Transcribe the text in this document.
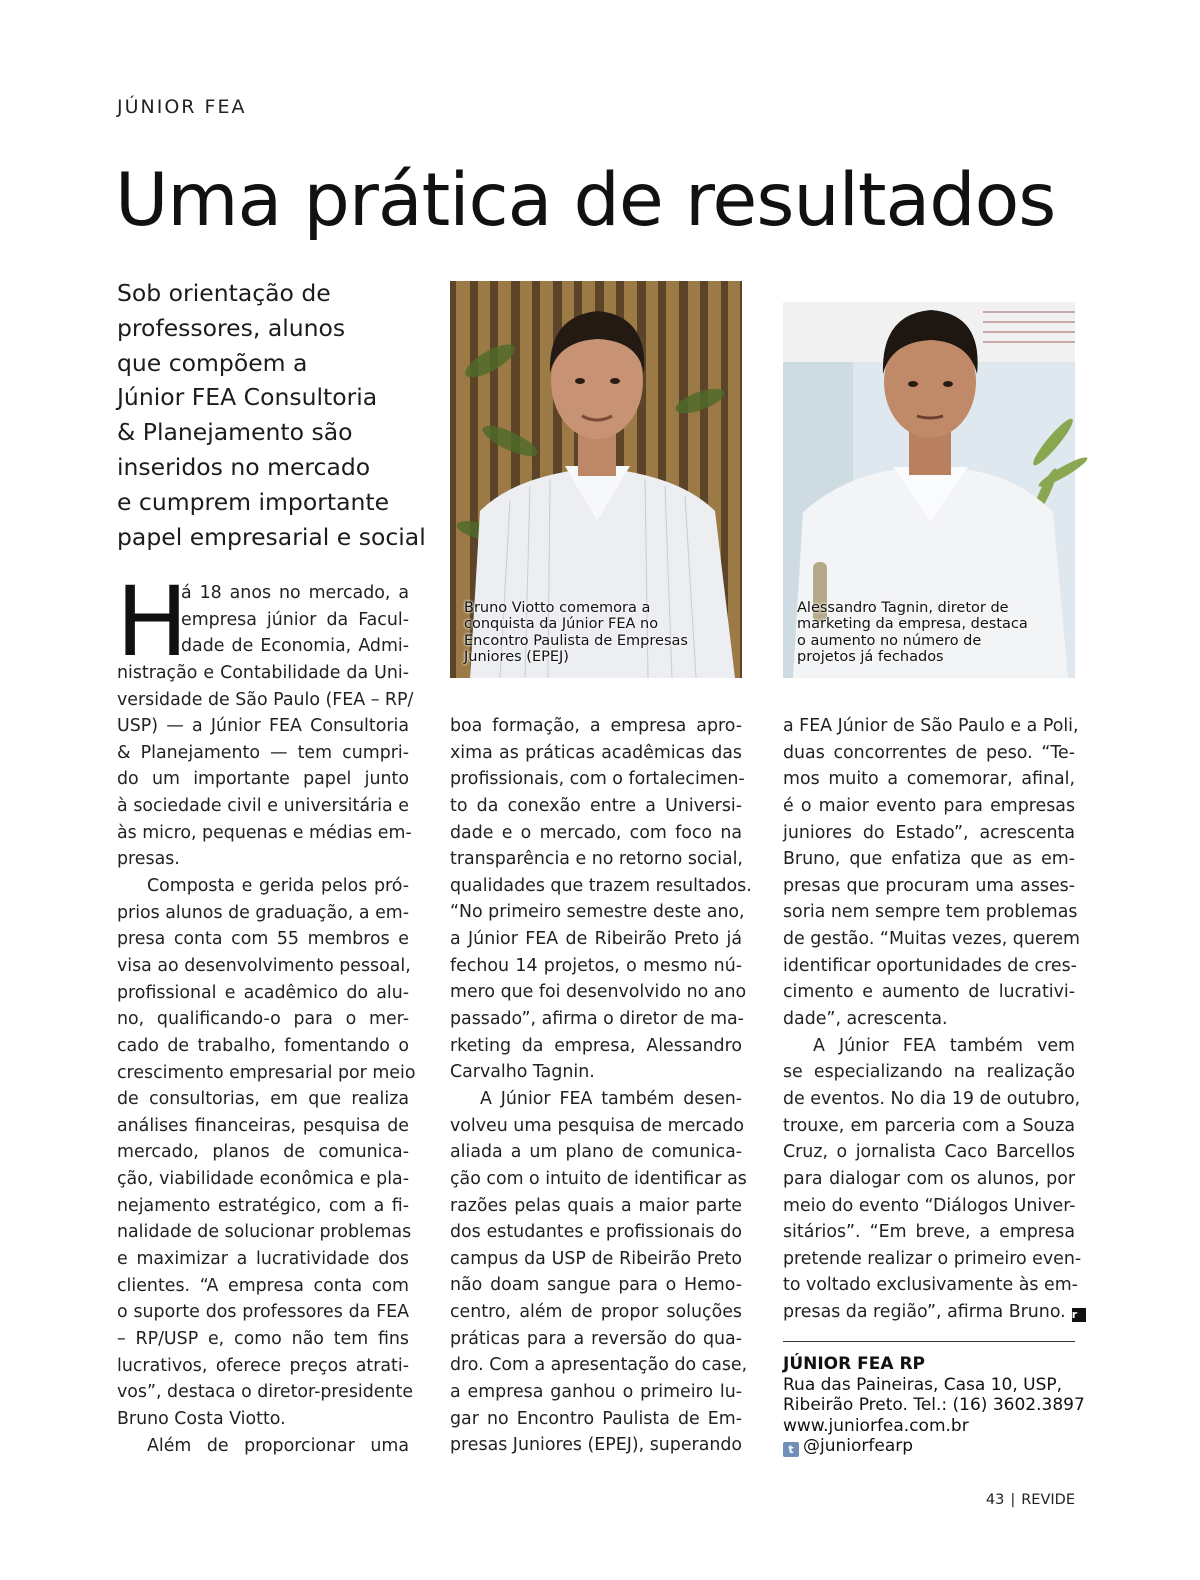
JÚNIOR FEA
Uma prática de resultados
Sob orientação de
professores, alunos
que compõem a
Júnior FEA Consultoria
& Planejamento são
inseridos no mercado
e cumprem importante
papel empresarial e social
H
á 18 anos no mercado, a
empresa júnior da Facul-
dade de Economia, Admi-
nistração e Contabilidade da Uni-
versidade de São Paulo (FEA – RP/
USP) — a Júnior FEA Consultoria
& Planejamento — tem cumpri-
do um importante papel junto
à sociedade civil e universitária e
às micro, pequenas e médias em-
presas.
Composta e gerida pelos pró-
prios alunos de graduação, a em-
presa conta com 55 membros e
visa ao desenvolvimento pessoal,
profissional e acadêmico do alu-
no, qualificando-o para o mer-
cado de trabalho, fomentando o
crescimento empresarial por meio
de consultorias, em que realiza
análises financeiras, pesquisa de
mercado, planos de comunica-
ção, viabilidade econômica e pla-
nejamento estratégico, com a fi-
nalidade de solucionar problemas
e maximizar a lucratividade dos
clientes. “A empresa conta com
o suporte dos professores da FEA
– RP/USP e, como não tem fins
lucrativos, oferece preços atrati-
vos”, destaca o diretor-presidente
Bruno Costa Viotto.
Além de proporcionar uma
Bruno Viotto comemora a
conquista da Júnior FEA no
Encontro Paulista de Empresas
Juniores (EPEJ)
Alessandro Tagnin, diretor de
marketing da empresa, destaca
o aumento no número de
projetos já fechados
boa formação, a empresa apro-
xima as práticas acadêmicas das
profissionais, com o fortalecimen-
to da conexão entre a Universi-
dade e o mercado, com foco na
transparência e no retorno social,
qualidades que trazem resultados.
“No primeiro semestre deste ano,
a Júnior FEA de Ribeirão Preto já
fechou 14 projetos, o mesmo nú-
mero que foi desenvolvido no ano
passado”, afirma o diretor de ma-
rketing da empresa, Alessandro
Carvalho Tagnin.
A Júnior FEA também desen-
volveu uma pesquisa de mercado
aliada a um plano de comunica-
ção com o intuito de identificar as
razões pelas quais a maior parte
dos estudantes e profissionais do
campus da USP de Ribeirão Preto
não doam sangue para o Hemo-
centro, além de propor soluções
práticas para a reversão do qua-
dro. Com a apresentação do case,
a empresa ganhou o primeiro lu-
gar no Encontro Paulista de Em-
presas Juniores (EPEJ), superando
a FEA Júnior de São Paulo e a Poli,
duas concorrentes de peso. “Te-
mos muito a comemorar, afinal,
é o maior evento para empresas
juniores do Estado”, acrescenta
Bruno, que enfatiza que as em-
presas que procuram uma asses-
soria nem sempre tem problemas
de gestão. “Muitas vezes, querem
identificar oportunidades de cres-
cimento e aumento de lucrativi-
dade”, acrescenta.
A Júnior FEA também vem
se especializando na realização
de eventos. No dia 19 de outubro,
trouxe, em parceria com a Souza
Cruz, o jornalista Caco Barcellos
para dialogar com os alunos, por
meio do evento “Diálogos Univer-
sitários”. “Em breve, a empresa
pretende realizar o primeiro even-
to voltado exclusivamente às em-
presas da região”, afirma Bruno. r
JÚNIOR FEA RP
Rua das Paineiras, Casa 10, USP,
Ribeirão Preto. Tel.: (16) 3602.3897
www.juniorfea.com.br
t @juniorfearp
43 | REVIDE
